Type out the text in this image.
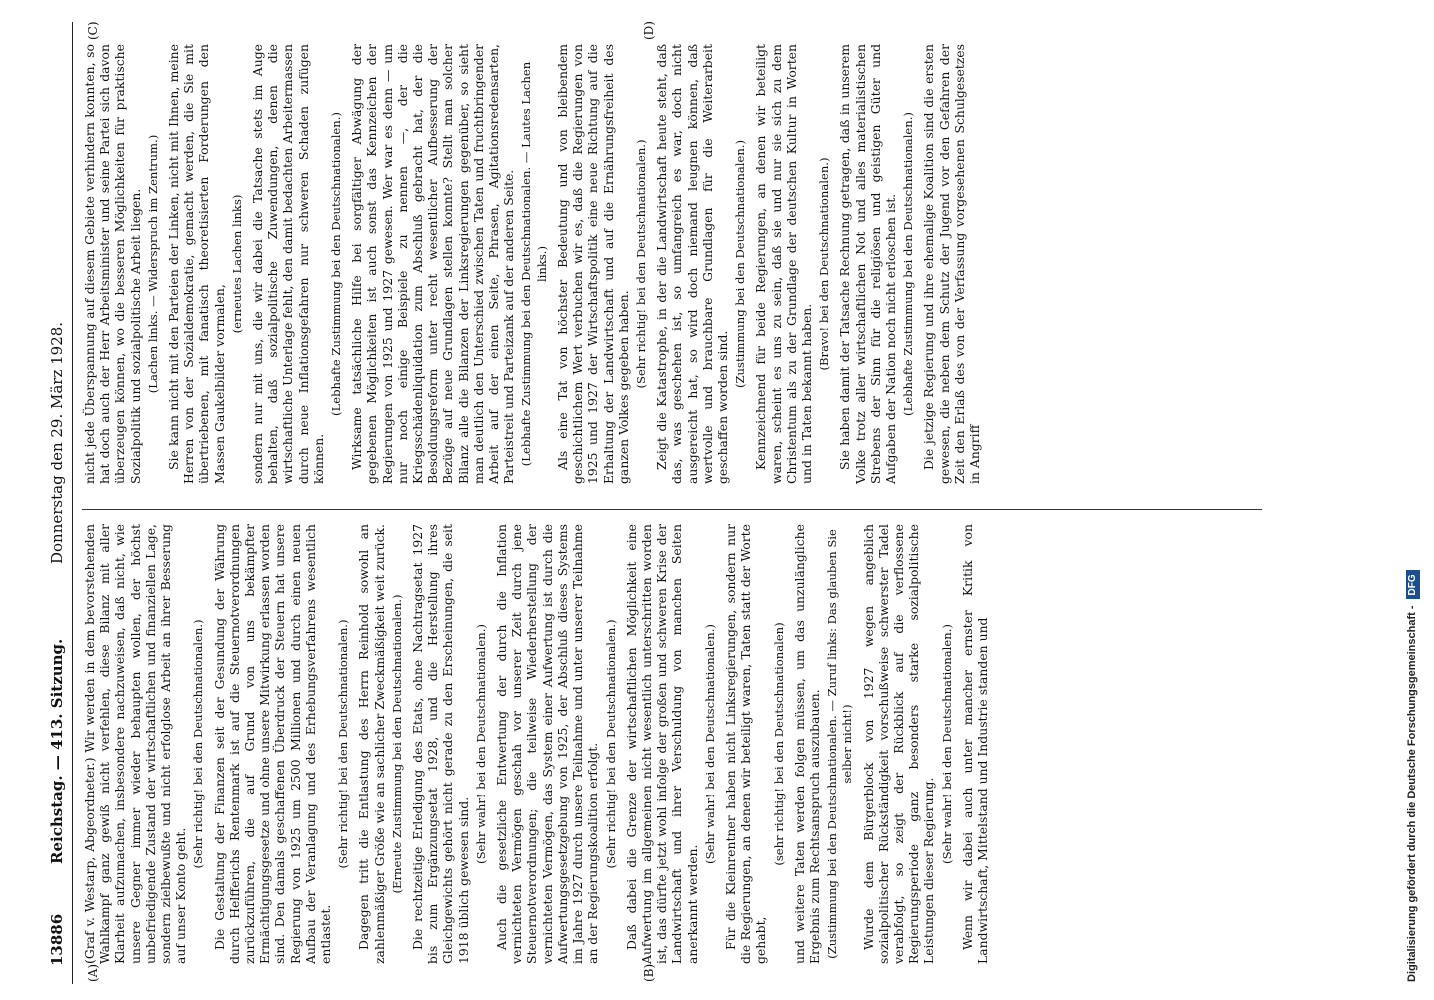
13886
Reichstag. — 413. Sitzung.
Donnerstag den 29. März 1928.
(A)	(B)
(C)	(D)

(Graf v. Westarp, Abgeordneter.) Wir werden in dem bevorstehenden Wahlkampf ganz gewiß nicht verfehlen, diese Bilanz mit aller Klarheit aufzumachen, insbesondere nachzuweisen, daß nicht, wie unsere Gegner immer wieder behaupten wollen, der höchst unbefriedigende Zustand der wirtschaftlichen und finanziellen Lage, sondern zielbewußte und nicht erfolglose Arbeit an ihrer Besserung auf unser Konto geht.

(Sehr richtig! bei den Deutschnationalen.) Die Gestaltung der Finanzen seit der Gesundung der Währung durch Helfferichs Rentenmark ist auf die Steuernotverordnungen zurückzuführen, die auf Grund von uns bekämpfter Ermächtigungsgesetze und ohne unsere Mitwirkung erlassen worden sind. Den damals geschaffenen Überdruck der Steuern hat unsere Regierung von 1925 um 2500 Millionen und durch einen neuen Aufbau der Veranlagung und des Erhebungsverfahrens wesentlich entlastet.

(Sehr richtig! bei den Deutschnationalen.) Dagegen tritt die Entlastung des Herrn Reinhold sowohl an zahlenmäßiger Größe wie an sachlicher Zweckmäßigkeit weit zurück. (Erneute Zustimmung bei den Deutschnationalen.) Die rechtzeitige Erledigung des Etats, ohne Nachtragsetat 1927 bis zum Ergänzungsetat 1928, und die Herstellung ihres Gleichgewichts gehört nicht gerade zu den Erscheinungen, die seit 1918 üblich gewesen sind.

(Sehr wahr! bei den Deutschnationalen.) Auch die gesetzliche Entwertung der durch die Inflation vernichteten Vermögen geschah vor unserer Zeit durch jene Steuernotverordnungen; die teilweise Wiederherstellung der vernichteten Vermögen, das System einer Aufwertung ist durch die Aufwertungsgesetzgebung von 1925, der Abschluß dieses Systems im Jahre 1927 durch unsere Teilnahme und unter unserer Teilnahme an der Regierungskoalition erfolgt. (Sehr richtig! bei den Deutschnationalen.) Daß dabei die Grenze der wirtschaftlichen Möglichkeit eine Aufwertung im allgemeinen nicht wesentlich unterschritten worden ist, das dürfte jetzt wohl infolge der großen und schweren Krise der Landwirtschaft und ihrer Verschuldung von manchen Seiten anerkannt werden.

(Sehr wahr! bei den Deutschnationalen.) Für die Kleinrentner haben nicht Linksregierungen, sondern nur die Regierungen, an denen wir beteiligt waren, Taten statt der Worte gehabt,

(sehr richtig! bei den Deutschnationalen) und weitere Taten werden folgen müssen, um das unzulängliche Ergebnis zum Rechtsanspruch auszubauen. (Zustimmung bei den Deutschnationalen. — Zuruf links: Das glauben Sie selber nicht!) Wurde dem Bürgerblock von 1927 wegen angeblich sozialpolitischer Rückständigkeit vorschußweise schwerster Tadel verabfolgt, so zeigt der Rückblick auf die verflossene Regierungsperiode ganz besonders starke sozialpolitische Leistungen dieser Regierung.

(Sehr wahr! bei den Deutschnationalen.) Wenn wir dabei auch unter mancher ernster Kritik von Landwirtschaft, Mittelstand und Industrie standen und

nicht jede Überspannung auf diesem Gebiete verhindern konnten, so hat doch auch der Herr Arbeitsminister und seine Partei sich davon überzeugen können, wo die besseren Möglichkeiten für praktische Sozialpolitik und sozialpolitische Arbeit liegen. (Lachen links. — Widerspruch im Zentrum.) Sie kann nicht mit den Parteien der Linken, nicht mit Ihnen, meine Herren von der Sozialdemokratie, gemacht werden, die Sie mit übertriebenen, mit fanatisch theoretisierten Forderungen den Massen Gaukelbilder vormalen,

(erneutes Lachen links) sondern nur mit uns, die wir dabei die Tatsache stets im Auge behalten, daß sozialpolitische Zuwendungen, denen die wirtschaftliche Unterlage fehlt, den damit bedachten Arbeitermassen durch neue Inflationsgefahren nur schweren Schaden zufügen können.

(Lebhafte Zustimmung bei den Deutschnationalen.) Wirksame tatsächliche Hilfe bei sorgfältiger Abwägung der gegebenen Möglichkeiten ist auch sonst das Kennzeichen der Regierungen von 1925 und 1927 gewesen. Wer war es denn — um nur noch einige Beispiele zu nennen —, der die Kriegsschädenliquidation zum Abschluß gebracht hat, der die Besoldungsreform unter recht wesentlicher Aufbesserung der Bezüge auf neue Grundlagen stellen konnte? Stellt man solcher Bilanz alle die Bilanzen der Linksregierungen gegenüber, so sieht man deutlich den Unterschied zwischen Taten und fruchtbringender Arbeit auf der einen Seite, Phrasen, Agitationsredensarten, Parteistreit und Parteizank auf der anderen Seite. (Lebhafte Zustimmung bei den Deutschnationalen. — Lautes Lachen links.) Als eine Tat von höchster Bedeutung und von bleibendem geschichtlichem Wert verbuchen wir es, daß die Regierungen von 1925 und 1927 der Wirtschaftspolitik eine neue Richtung auf die Erhaltung der Landwirtschaft und auf die Ernährungsfreiheit des ganzen Volkes gegeben haben. (Sehr richtig! bei den Deutschnationalen.) Zeigt die Katastrophe, in der die Landwirtschaft heute steht, daß das, was geschehen ist, so umfangreich es war, doch nicht ausgereicht hat, so wird doch niemand leugnen können, daß wertvolle und brauchbare Grundlagen für die Weiterarbeit geschaffen worden sind.

(Zustimmung bei den Deutschnationalen.) Kennzeichnend für beide Regierungen, an denen wir beteiligt waren, scheint es uns zu sein, daß sie und nur sie sich zu dem Christentum als zu der Grundlage der deutschen Kultur in Worten und in Taten bekannt haben.

(Bravo! bei den Deutschnationalen.) Sie haben damit der Tatsache Rechnung getragen, daß in unserem Volke trotz aller wirtschaftlichen Not und alles materialistischen Strebens der Sinn für die religiösen und geistigen Güter und Aufgaben der Nation noch nicht erloschen ist. (Lebhafte Zustimmung bei den Deutschnationalen.) Die jetzige Regierung und ihre ehemalige Koalition sind die ersten gewesen, die neben dem Schutz der Jugend vor den Gefahren der Zeit den Erlaß des von der Verfassung vorgesehenen Schulgesetzes in Angriff

Digitalisierung gefördert durch die Deutsche Forschungsgemeinschaft -DFG
